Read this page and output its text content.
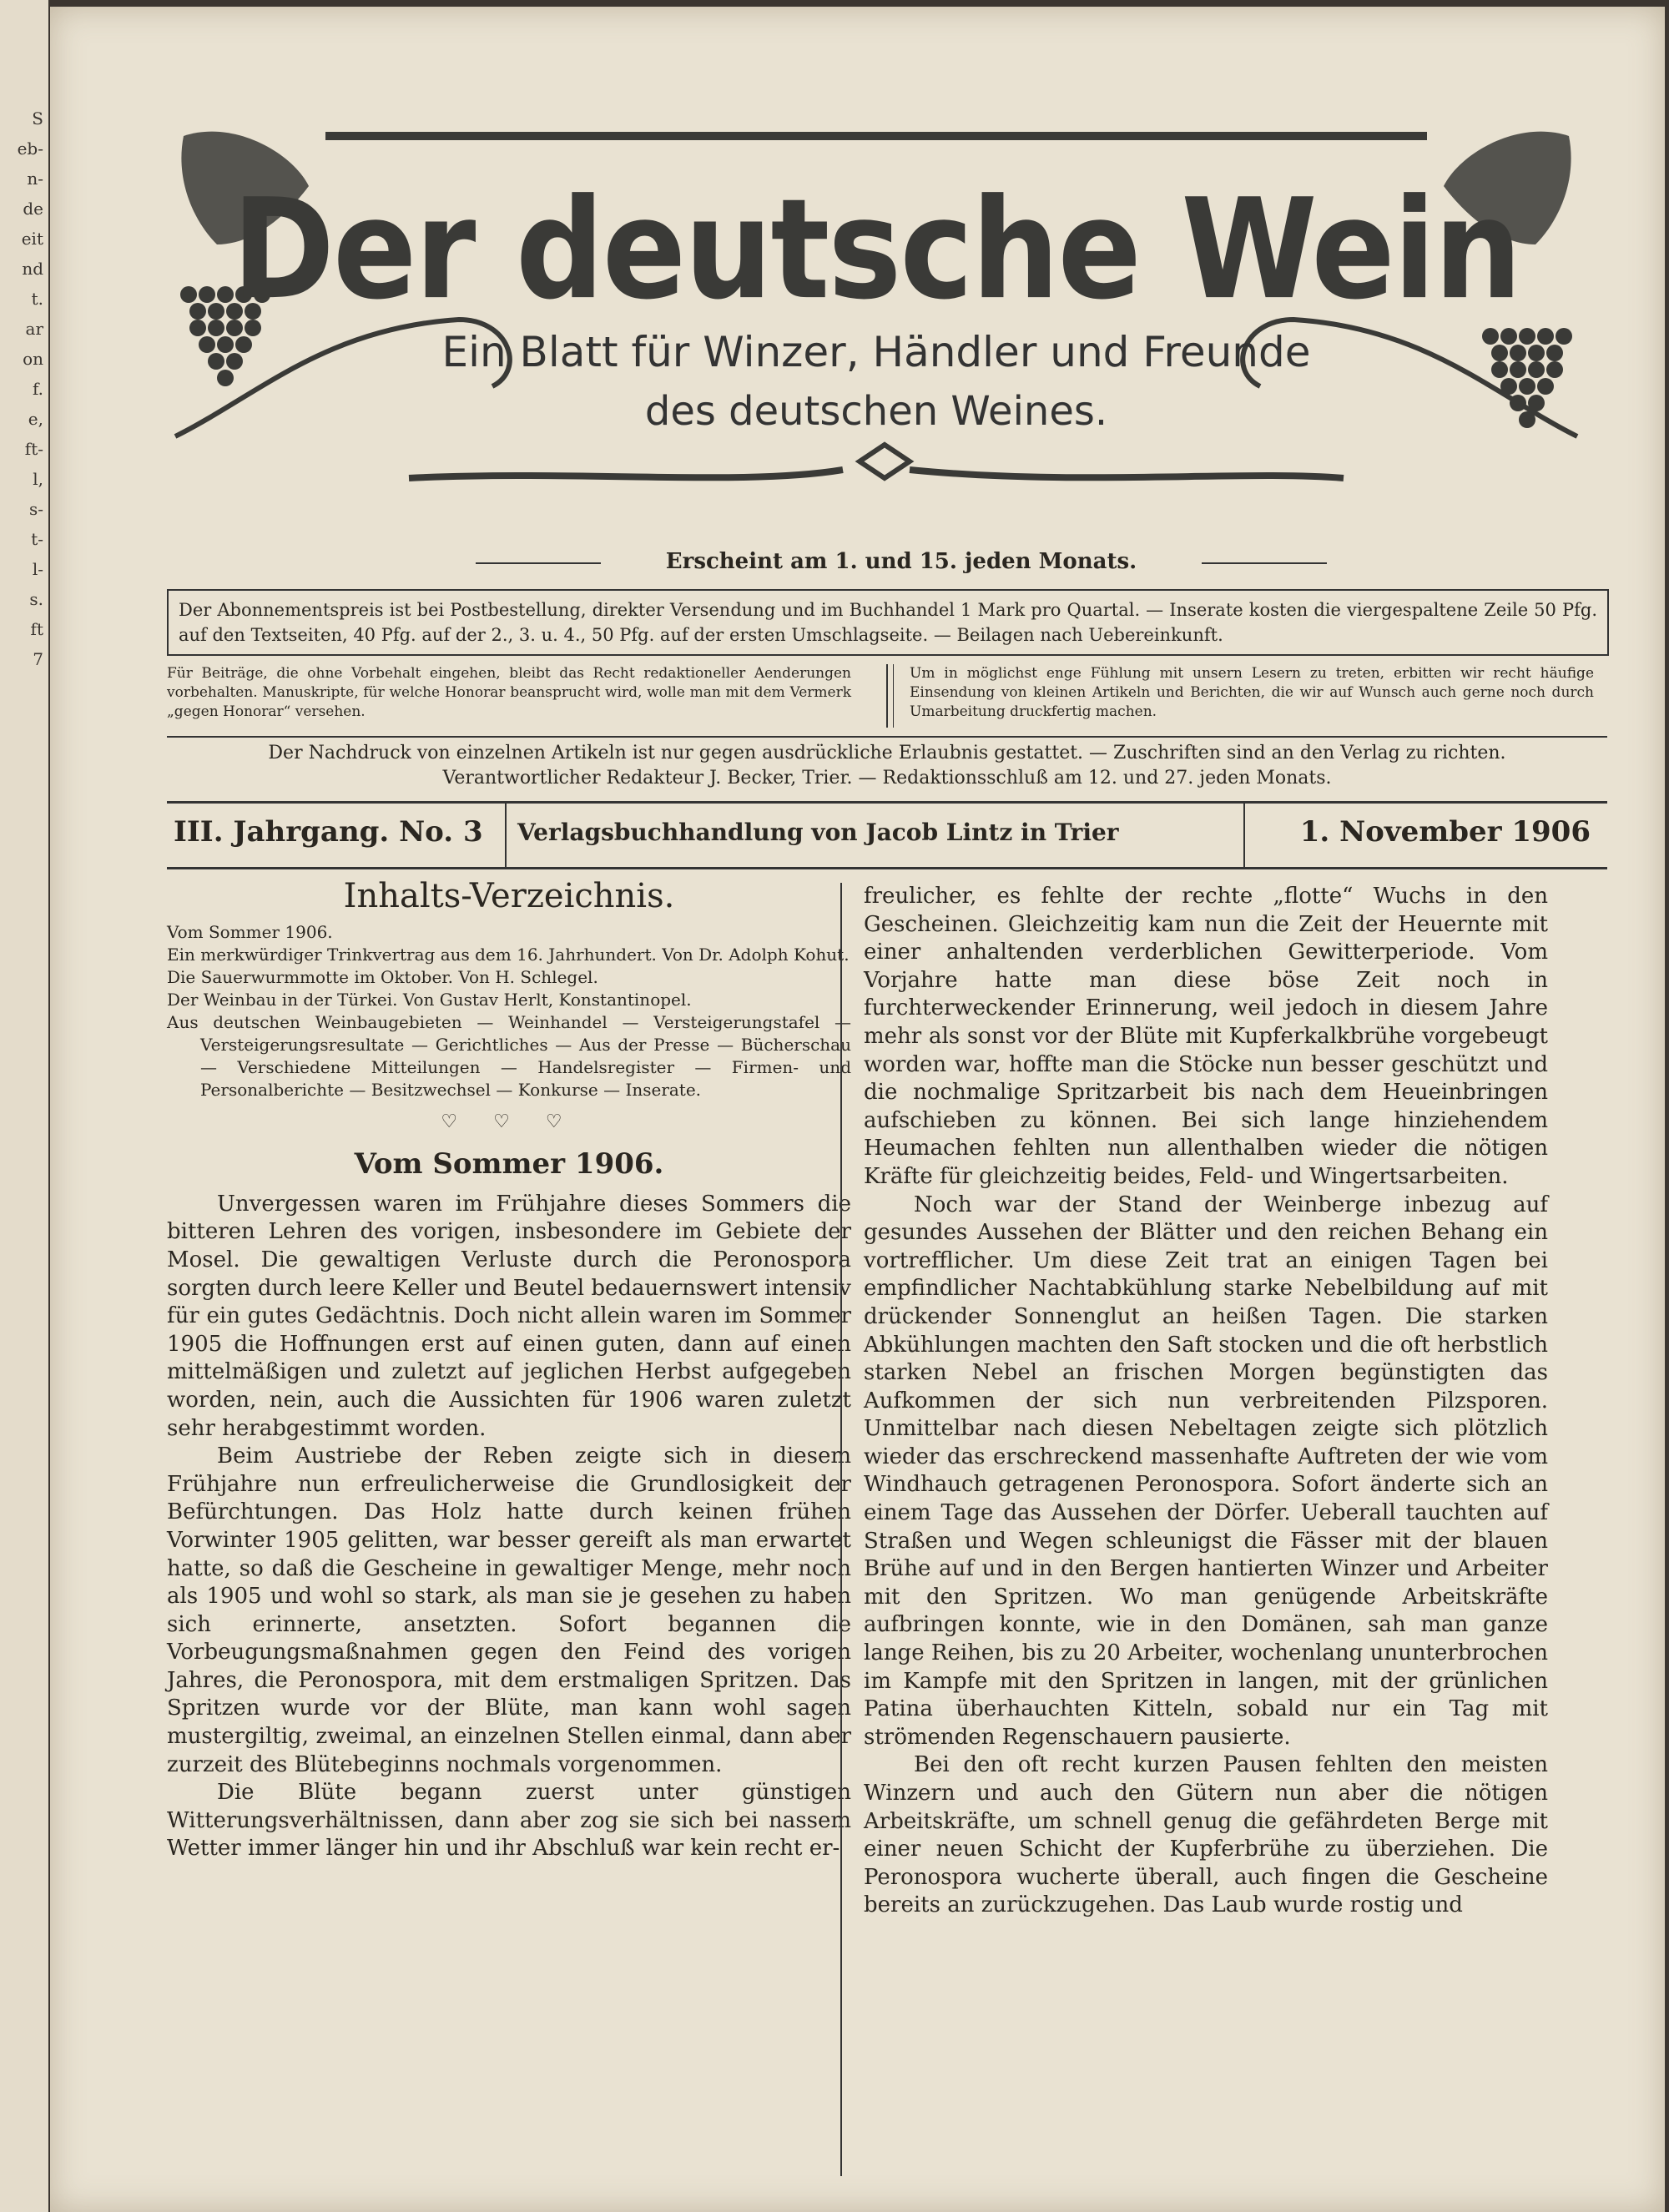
S
eb-
n-
de
eit
nd
t.
ar
on
f.
e,
ft-
l,
s-
t-
l-
s.
ft
7
Der deutsche Wein
Ein Blatt für Winzer, Händler und Freunde
des deutschen Weines.
Erscheint am 1. und 15. jeden Monats.
Der Abonnementspreis ist bei Postbestellung, direkter Versendung und im Buchhandel 1 Mark pro Quartal. — Inserate kosten die viergespaltene Zeile 50 Pfg. auf den Textseiten, 40 Pfg. auf der 2., 3. u. 4., 50 Pfg. auf der ersten Umschlagseite. — Beilagen nach Uebereinkunft.
Für Beiträge, die ohne Vorbehalt eingehen, bleibt das Recht redaktioneller Aenderungen vorbehalten. Manuskripte, für welche Honorar beansprucht wird, wolle man mit dem Vermerk „gegen Honorar“ versehen.
Um in möglichst enge Fühlung mit unsern Lesern zu treten, erbitten wir recht häufige Einsendung von kleinen Artikeln und Berichten, die wir auf Wunsch auch gerne noch durch Umarbeitung druckfertig machen.
Der Nachdruck von einzelnen Artikeln ist nur gegen ausdrückliche Erlaubnis gestattet. — Zuschriften sind an den Verlag zu richten.
Verantwortlicher Redakteur J. Becker, Trier. — Redaktionsschluß am 12. und 27. jeden Monats.
III. Jahrgang. No. 3 Verlagsbuchhandlung von Jacob Lintz in Trier	1. November 1906
Inhalts-Verzeichnis.

Vom Sommer 1906.

Ein merkwürdiger Trinkvertrag aus dem 16. Jahrhundert. Von Dr. Adolph Kohut.

Die Sauerwurmmotte im Oktober. Von H. Schlegel.

Der Weinbau in der Türkei. Von Gustav Herlt, Konstantinopel.

Aus deutschen Weinbaugebieten — Weinhandel — Versteigerungstafel — Versteigerungsresultate — Gerichtliches — Aus der Presse — Bücherschau — Verschiedene Mitteilungen — Handelsregister — Firmen- und Personalberichte — Besitzwechsel — Konkurse — Inserate.

♡ ♡ ♡
Vom Sommer 1906.

Unvergessen waren im Frühjahre dieses Sommers die bitteren Lehren des vorigen, insbesondere im Gebiete der Mosel. Die gewaltigen Verluste durch die Peronospora sorgten durch leere Keller und Beutel bedauernswert intensiv für ein gutes Gedächtnis. Doch nicht allein waren im Sommer 1905 die Hoffnungen erst auf einen guten, dann auf einen mittelmäßigen und zuletzt auf jeglichen Herbst aufgegeben worden, nein, auch die Aussichten für 1906 waren zuletzt sehr herabgestimmt worden.

Beim Austriebe der Reben zeigte sich in diesem Frühjahre nun erfreulicherweise die Grundlosigkeit der Befürchtungen. Das Holz hatte durch keinen frühen Vorwinter 1905 gelitten, war besser gereift als man erwartet hatte, so daß die Gescheine in gewaltiger Menge, mehr noch als 1905 und wohl so stark, als man sie je gesehen zu haben sich erinnerte, ansetzten. Sofort begannen die Vorbeugungsmaßnahmen gegen den Feind des vorigen Jahres, die Peronospora, mit dem erstmaligen Spritzen. Das Spritzen wurde vor der Blüte, man kann wohl sagen mustergiltig, zweimal, an einzelnen Stellen einmal, dann aber zurzeit des Blütebeginns nochmals vorgenommen.

Die Blüte begann zuerst unter günstigen Witterungsverhältnissen, dann aber zog sie sich bei nassem Wetter immer länger hin und ihr Abschluß war kein recht er-

freulicher, es fehlte der rechte „flotte“ Wuchs in den Gescheinen. Gleichzeitig kam nun die Zeit der Heuernte mit einer anhaltenden verderblichen Gewitterperiode. Vom Vorjahre hatte man diese böse Zeit noch in furchterweckender Erinnerung, weil jedoch in diesem Jahre mehr als sonst vor der Blüte mit Kupferkalkbrühe vorgebeugt worden war, hoffte man die Stöcke nun besser geschützt und die nochmalige Spritzarbeit bis nach dem Heueinbringen aufschieben zu können. Bei sich lange hinziehendem Heumachen fehlten nun allenthalben wieder die nötigen Kräfte für gleichzeitig beides, Feld- und Wingertsarbeiten.

Noch war der Stand der Weinberge inbezug auf gesundes Aussehen der Blätter und den reichen Behang ein vortrefflicher. Um diese Zeit trat an einigen Tagen bei empfindlicher Nachtabkühlung starke Nebelbildung auf mit drückender Sonnenglut an heißen Tagen. Die starken Abkühlungen machten den Saft stocken und die oft herbstlich starken Nebel an frischen Morgen begünstigten das Aufkommen der sich nun verbreitenden Pilzsporen. Unmittelbar nach diesen Nebeltagen zeigte sich plötzlich wieder das erschreckend massenhafte Auftreten der wie vom Windhauch getragenen Peronospora. Sofort änderte sich an einem Tage das Aussehen der Dörfer. Ueberall tauchten auf Straßen und Wegen schleunigst die Fässer mit der blauen Brühe auf und in den Bergen hantierten Winzer und Arbeiter mit den Spritzen. Wo man genügende Arbeitskräfte aufbringen konnte, wie in den Domänen, sah man ganze lange Reihen, bis zu 20 Arbeiter, wochenlang ununterbrochen im Kampfe mit den Spritzen in langen, mit der grünlichen Patina überhauchten Kitteln, sobald nur ein Tag mit strömenden Regenschauern pausierte.

Bei den oft recht kurzen Pausen fehlten den meisten Winzern und auch den Gütern nun aber die nötigen Arbeitskräfte, um schnell genug die gefährdeten Berge mit einer neuen Schicht der Kupferbrühe zu überziehen. Die Peronospora wucherte überall, auch fingen die Gescheine bereits an zurückzugehen. Das Laub wurde rostig und
